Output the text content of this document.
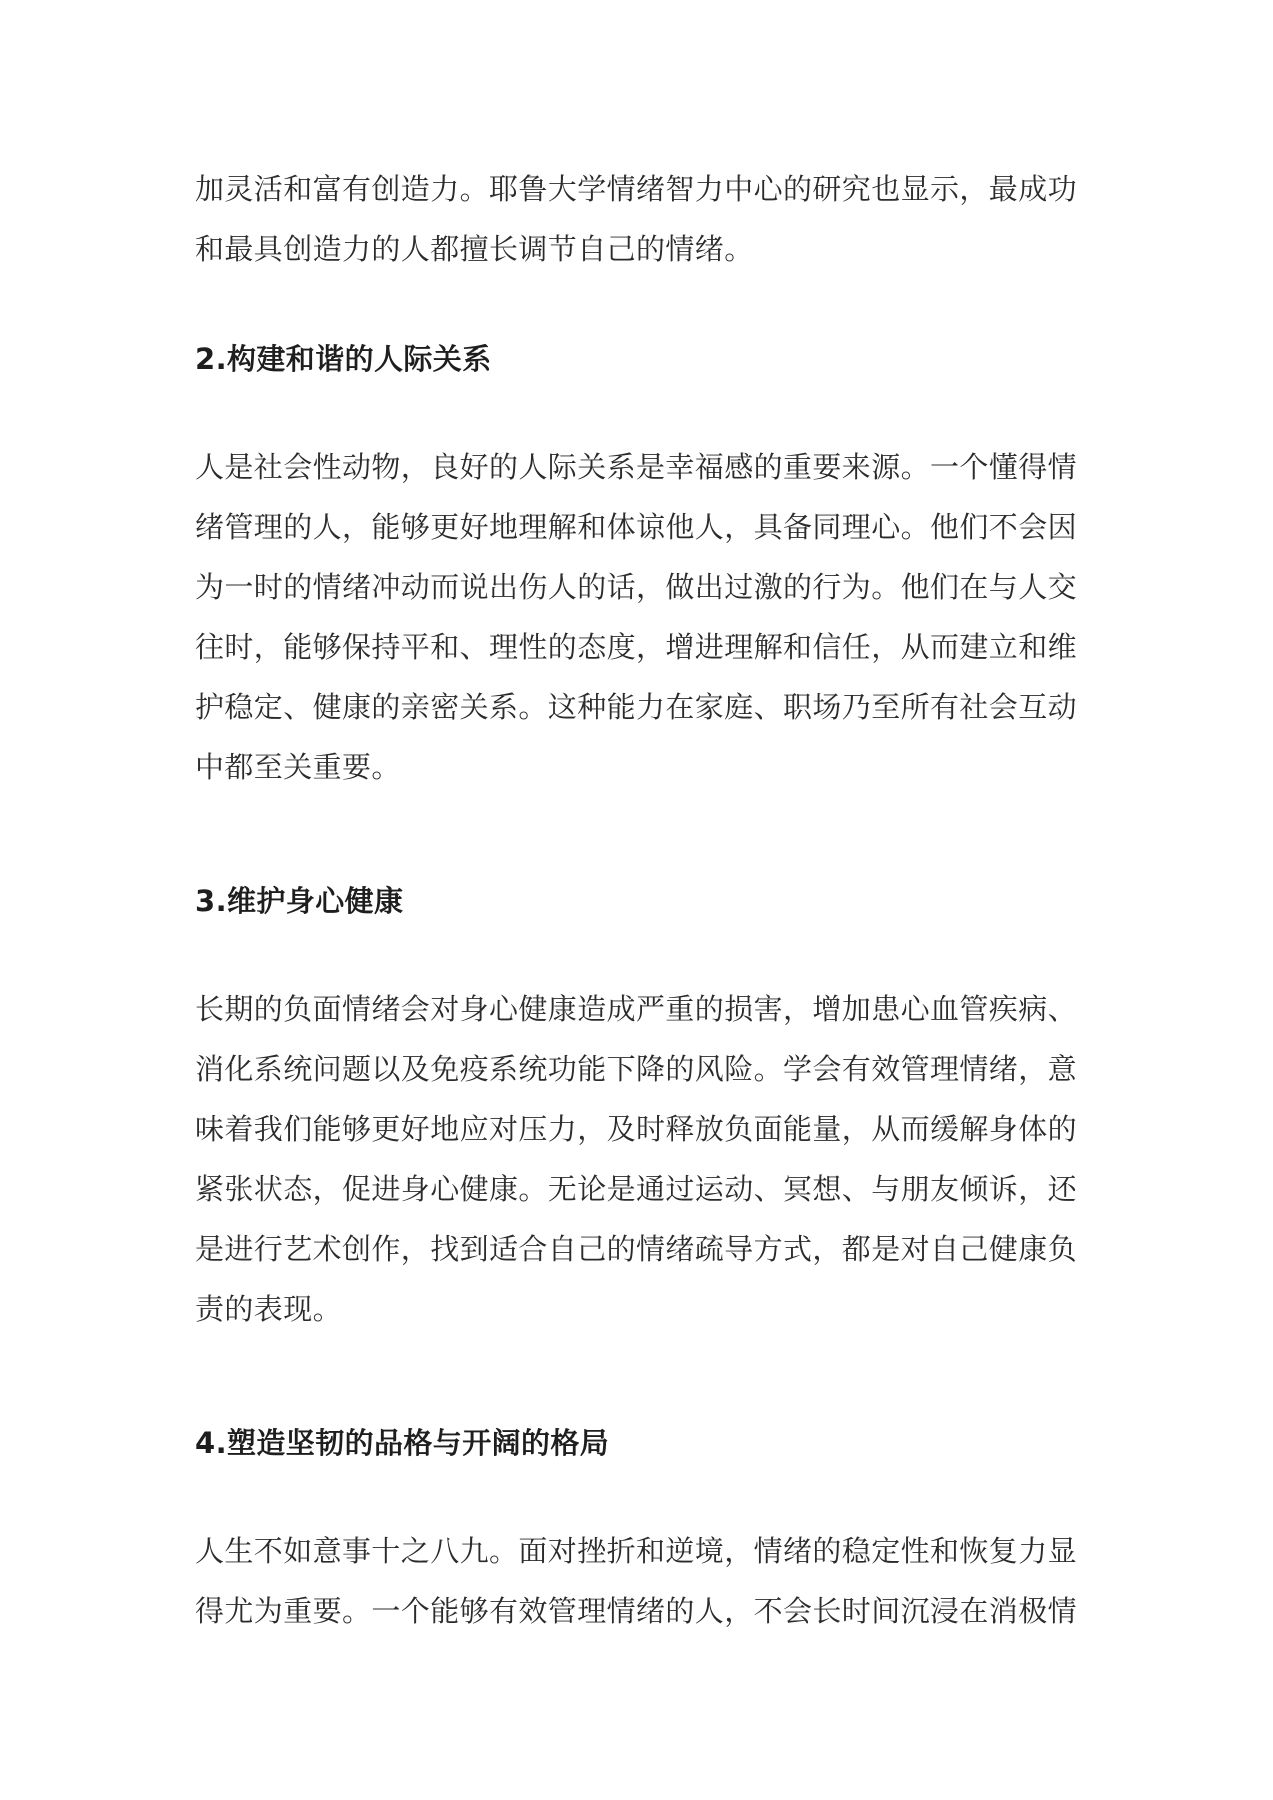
加灵活和富有创造力。耶鲁大学情绪智力中心的研究也显示，最成功
和最具创造力的人都擅长调节自己的情绪。
2.构建和谐的人际关系
人是社会性动物，良好的人际关系是幸福感的重要来源。一个懂得情
绪管理的人，能够更好地理解和体谅他人，具备同理心。他们不会因
为一时的情绪冲动而说出伤人的话，做出过激的行为。他们在与人交
往时，能够保持平和、理性的态度，增进理解和信任，从而建立和维
护稳定、健康的亲密关系。这种能力在家庭、职场乃至所有社会互动
中都至关重要。
3.维护身心健康
长期的负面情绪会对身心健康造成严重的损害，增加患心血管疾病、
消化系统问题以及免疫系统功能下降的风险。学会有效管理情绪，意
味着我们能够更好地应对压力，及时释放负面能量，从而缓解身体的
紧张状态，促进身心健康。无论是通过运动、冥想、与朋友倾诉，还
是进行艺术创作，找到适合自己的情绪疏导方式，都是对自己健康负
责的表现。
4.塑造坚韧的品格与开阔的格局
人生不如意事十之八九。面对挫折和逆境，情绪的稳定性和恢复力显
得尤为重要。一个能够有效管理情绪的人，不会长时间沉浸在消极情
